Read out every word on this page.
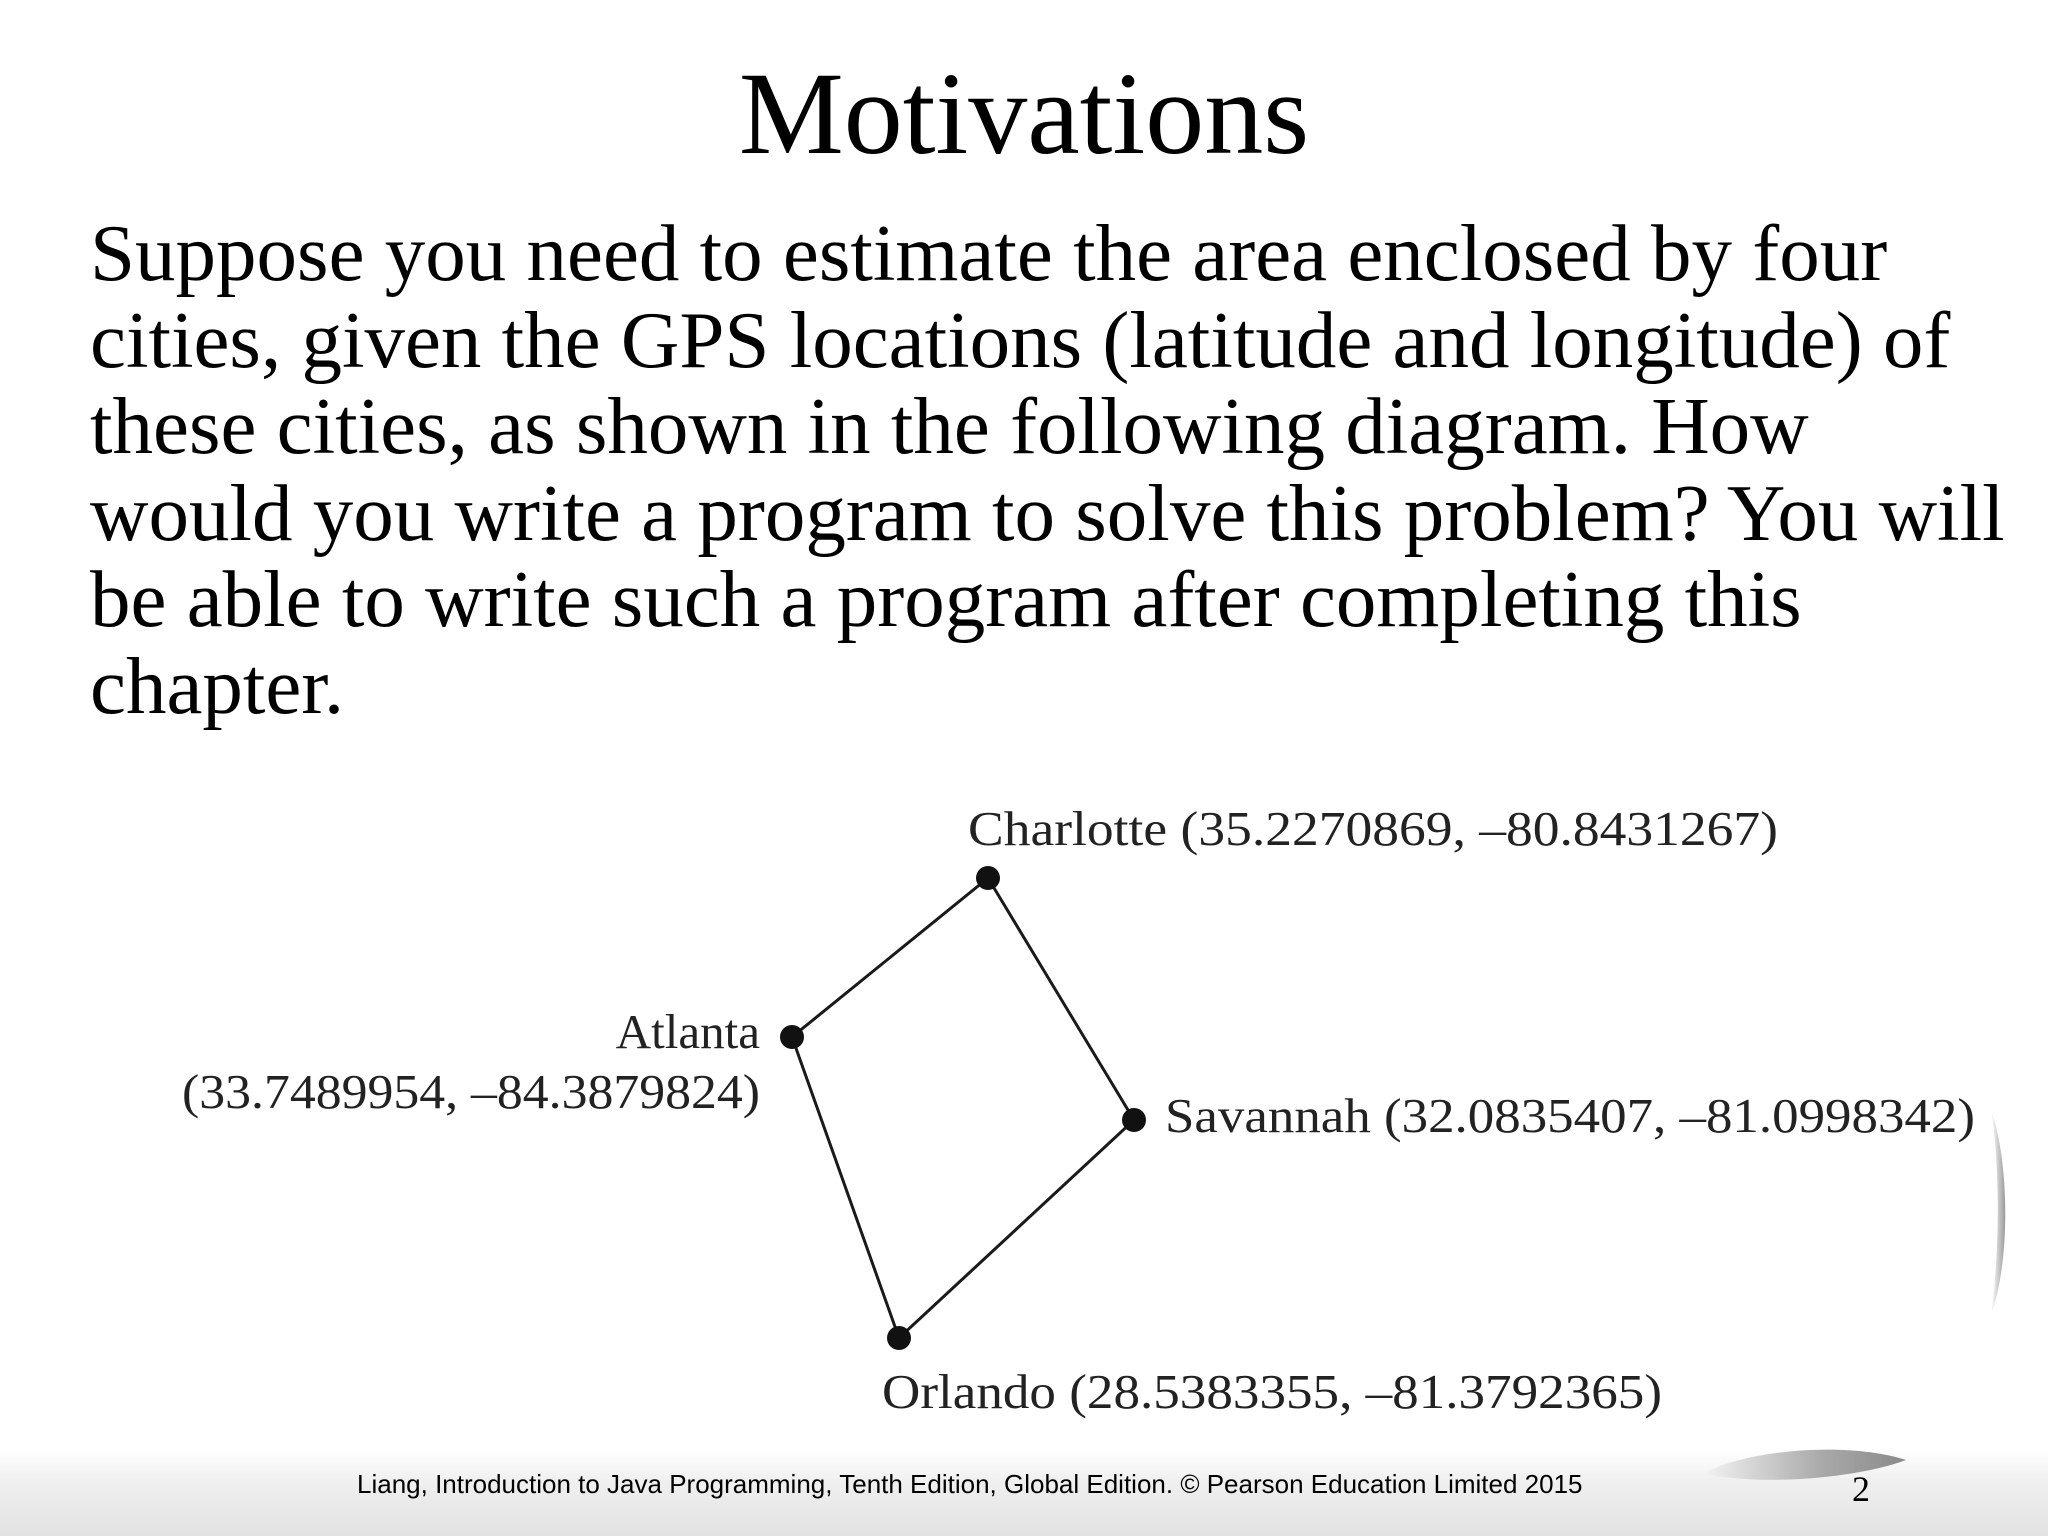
Motivations
Suppose you need to estimate the area enclosed by four
cities, given the GPS locations (latitude and longitude) of
these cities, as shown in the following diagram. How
would you write a program to solve this problem? You will
be able to write such a program after completing this
chapter.
Charlotte (35.2270869, –80.8431267)
Atlanta
(33.7489954, –84.3879824)	Savannah (32.0835407, –81.0998342)
Orlando (28.5383355, –81.3792365)
Liang, Introduction to Java Programming, Tenth Edition, Global Edition. © Pearson Education Limited 2015	2
